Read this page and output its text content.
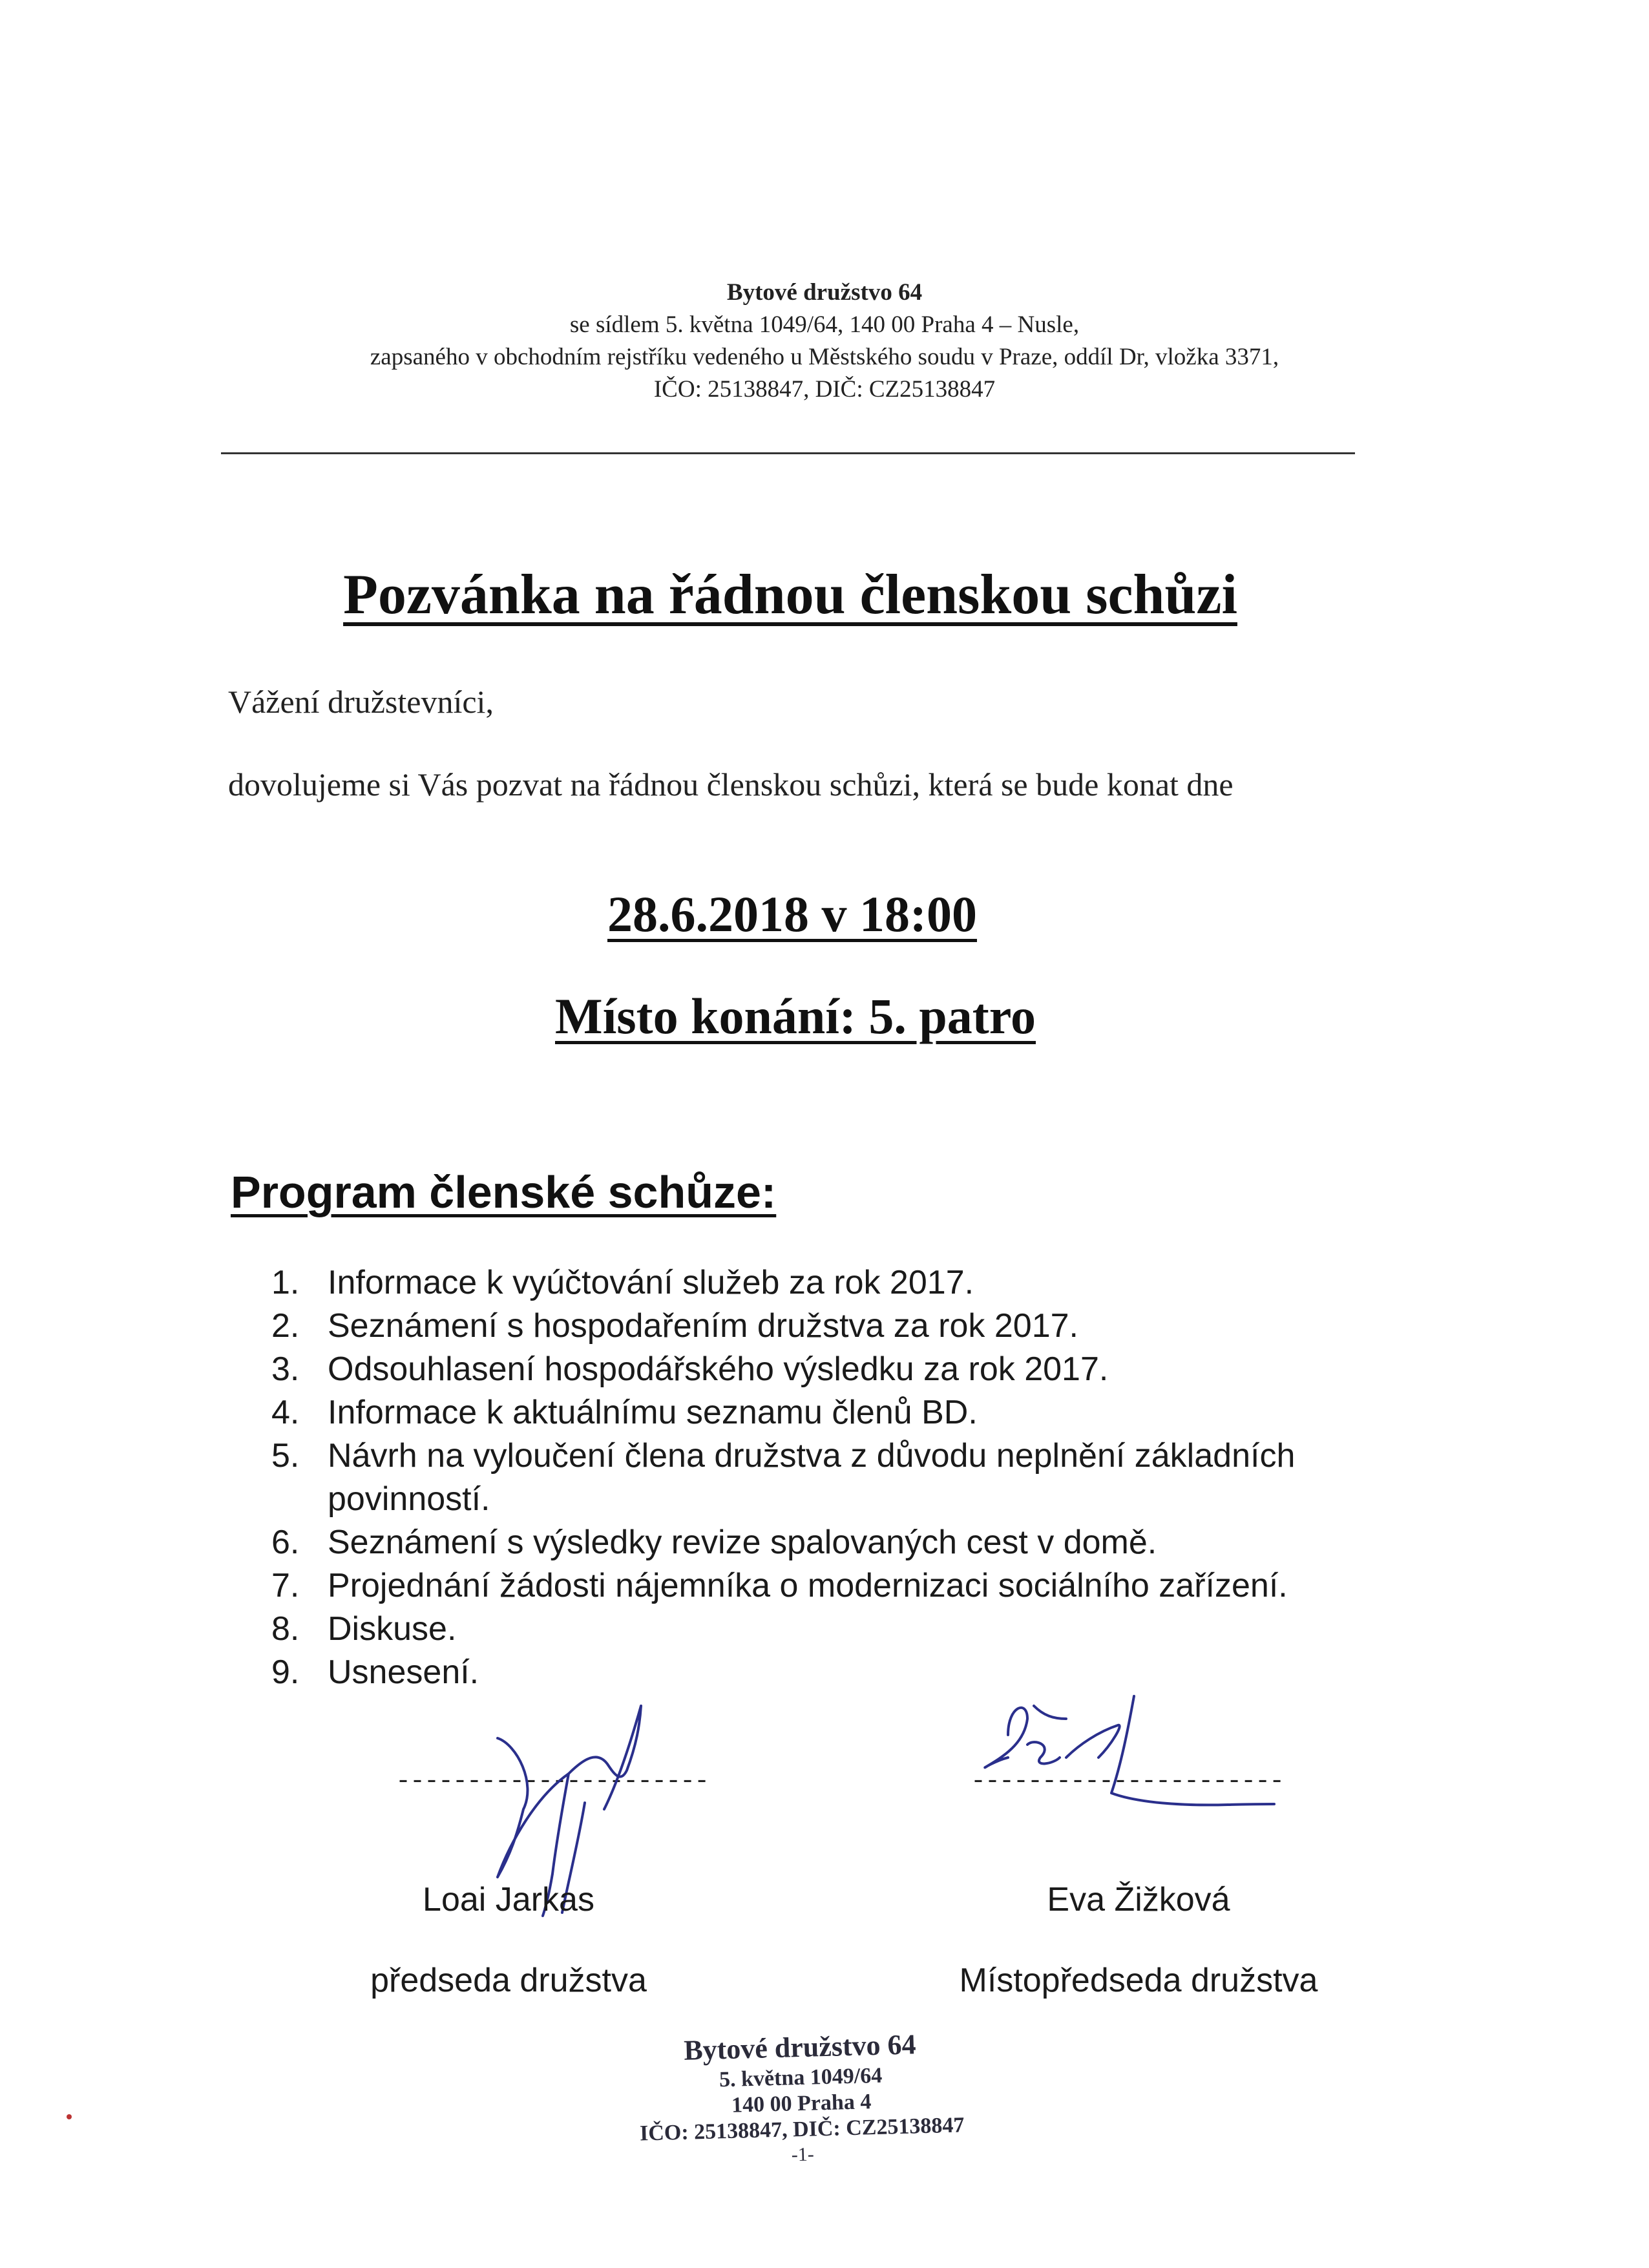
Bytové družstvo 64
se sídlem 5. května 1049/64, 140 00 Praha 4 – Nusle,
zapsaného v obchodním rejstříku vedeného u Městského soudu v Praze, oddíl Dr, vložka 3371,
IČO: 25138847, DIČ: CZ25138847
Pozvánka na řádnou členskou schůzi
Vážení družstevníci,
dovolujeme si Vás pozvat na řádnou členskou schůzi, která se bude konat dne
28.6.2018 v 18:00
Místo konání: 5. patro
Program členské schůze:
1. Informace k vyúčtování služeb za rok 2017.
2. Seznámení s hospodařením družstva za rok 2017.
3. Odsouhlasení hospodářského výsledku za rok 2017.
4. Informace k aktuálnímu seznamu členů BD.
5. Návrh na vyloučení člena družstva z důvodu neplnění základních povinností.
6. Seznámení s výsledky revize spalovaných cest v domě.
7. Projednání žádosti nájemníka o modernizaci sociálního zařízení.
8. Diskuse.
9. Usnesení.
----------------------	----------------------
Loai Jarkas
předseda družstva
Eva Žižková
Místopředseda družstva
Bytové družstvo 64
5. května 1049/64
140 00 Praha 4
IČO: 25138847, DIČ: CZ25138847
-1-
